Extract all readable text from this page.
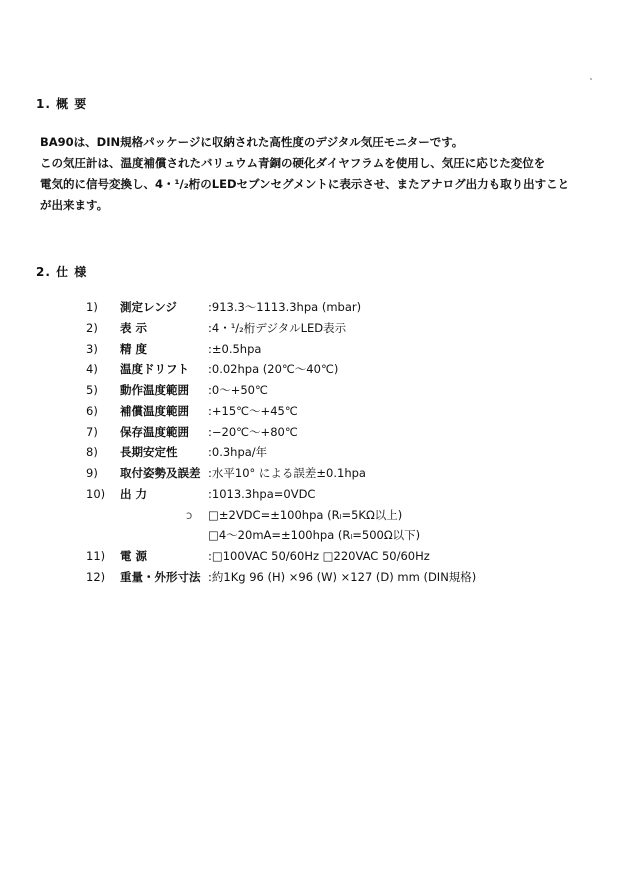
1. 概 要
BA90は、DIN規格パッケージに収納された高性度のデジタル気圧モニターです。
この気圧計は、温度補償されたバリュウム青銅の硬化ダイヤフラムを使用し、気圧に応じた変位を
電気的に信号変換し、4・¹/₂桁のLEDセブンセグメントに表示させ、またアナログ出力も取り出すこと
が出来ます。
2. 仕 様
1)	測定レンジ	:913.3〜1113.3hpa (mbar)
2)	表 示	:4・¹/₂桁デジタルLED表示
3)	精 度	:±0.5hpa
4)	温度ドリフト	:0.02hpa (20℃〜40℃)
5)	動作温度範囲	:0〜+50℃
6)	補償温度範囲	:+15℃〜+45℃
7)	保存温度範囲	:−20℃〜+80℃
8)	長期安定性	:0.3hpa/年
9)	取付姿勢及誤差 :水平10° による誤差±0.1hpa
10)	出 力	:1013.3hpa=0VDC
ↄ □±2VDC=±100hpa (Rₗ=5KΩ以上)
□4〜20mA=±100hpa (Rₗ=500Ω以下)
11)	電 源	:□100VAC 50/60Hz □220VAC 50/60Hz
12)	重量・外形寸法 :約1Kg 96 (H) ×96 (W) ×127 (D) mm (DIN規格)
